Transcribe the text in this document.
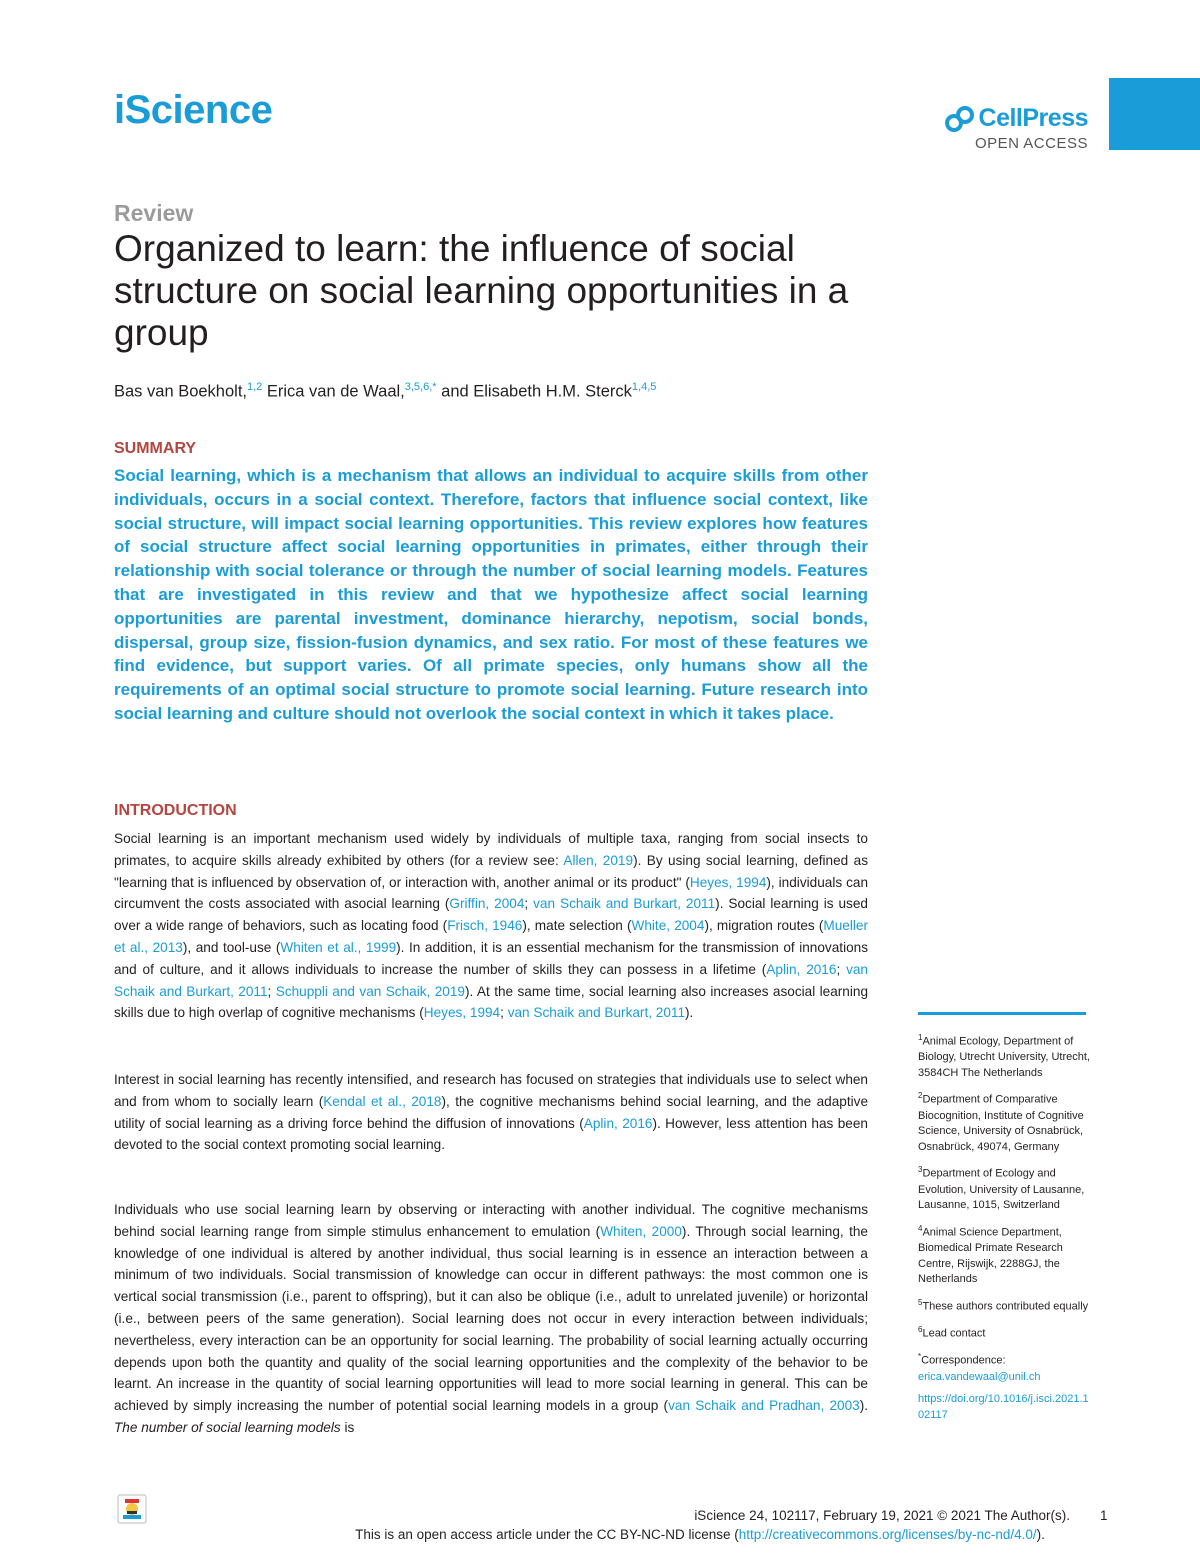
iScience	CellPress
OPEN ACCESS
Review
Organized to learn: the influence of social structure on social learning opportunities in a group
Bas van Boekholt,$^{1,2}$ Erica van de Waal,$^{3,5,6,*}$ and Elisabeth H.M. Sterck$^{1,4,5}$
SUMMARY
Social learning, which is a mechanism that allows an individual to acquire skills from other individuals, occurs in a social context. Therefore, factors that influence social context, like social structure, will impact social learning opportunities. This review explores how features of social structure affect social learning opportunities in primates, either through their relationship with social tolerance or through the number of social learning models. Features that are investigated in this review and that we hypothesize affect social learning opportunities are parental investment, dominance hierarchy, nepotism, social bonds, dispersal, group size, fission-fusion dynamics, and sex ratio. For most of these features we find evidence, but support varies. Of all primate species, only humans show all the requirements of an optimal social structure to promote social learning. Future research into social learning and culture should not overlook the social context in which it takes place.
INTRODUCTION
Social learning is an important mechanism used widely by individuals of multiple taxa, ranging from social insects to primates, to acquire skills already exhibited by others (for a review see: Allen, 2019). By using social learning, defined as "learning that is influenced by observation of, or interaction with, another animal or its product" (Heyes, 1994), individuals can circumvent the costs associated with asocial learning (Griffin, 2004; van Schaik and Burkart, 2011). Social learning is used over a wide range of behaviors, such as locating food (Frisch, 1946), mate selection (White, 2004), migration routes (Mueller et al., 2013), and tool-use (Whiten et al., 1999). In addition, it is an essential mechanism for the transmission of innovations and of culture, and it allows individuals to increase the number of skills they can possess in a lifetime (Aplin, 2016; van Schaik and Burkart, 2011; Schuppli and van Schaik, 2019). At the same time, social learning also increases asocial learning skills due to high overlap of cognitive mechanisms (Heyes, 1994; van Schaik and Burkart, 2011).
Interest in social learning has recently intensified, and research has focused on strategies that individuals use to select when and from whom to socially learn (Kendal et al., 2018), the cognitive mechanisms behind social learning, and the adaptive utility of social learning as a driving force behind the diffusion of innovations (Aplin, 2016). However, less attention has been devoted to the social context promoting social learning.
Individuals who use social learning learn by observing or interacting with another individual. The cognitive mechanisms behind social learning range from simple stimulus enhancement to emulation (Whiten, 2000). Through social learning, the knowledge of one individual is altered by another individual, thus social learning is in essence an interaction between a minimum of two individuals. Social transmission of knowledge can occur in different pathways: the most common one is vertical social transmission (i.e., parent to offspring), but it can also be oblique (i.e., adult to unrelated juvenile) or horizontal (i.e., between peers of the same generation). Social learning does not occur in every interaction between individuals; nevertheless, every interaction can be an opportunity for social learning. The probability of social learning actually occurring depends upon both the quantity and quality of the social learning opportunities and the complexity of the behavior to be learnt. An increase in the quantity of social learning opportunities will lead to more social learning in general. This can be achieved by simply increasing the number of potential social learning models in a group (van Schaik and Pradhan, 2003). The number of social learning models is
$^1$Animal Ecology, Department of Biology, Utrecht University, Utrecht, 3584CH The Netherlands
$^2$Department of Comparative Biocognition, Institute of Cognitive Science, University of Osnabrück, Osnabrück, 49074, Germany
$^3$Department of Ecology and Evolution, University of Lausanne, Lausanne, 1015, Switzerland
$^4$Animal Science Department, Biomedical Primate Research Centre, Rijswijk, 2288GJ, the Netherlands
$^5$These authors contributed equally
$^6$Lead contact
*Correspondence:
erica.vandewaal@unil.ch
https://doi.org/10.1016/j.isci.2021.102117
iScience 24, 102117, February 19, 2021 © 2021 The Author(s). 1
This is an open access article under the CC BY-NC-ND license (http://creativecommons.org/licenses/by-nc-nd/4.0/).
